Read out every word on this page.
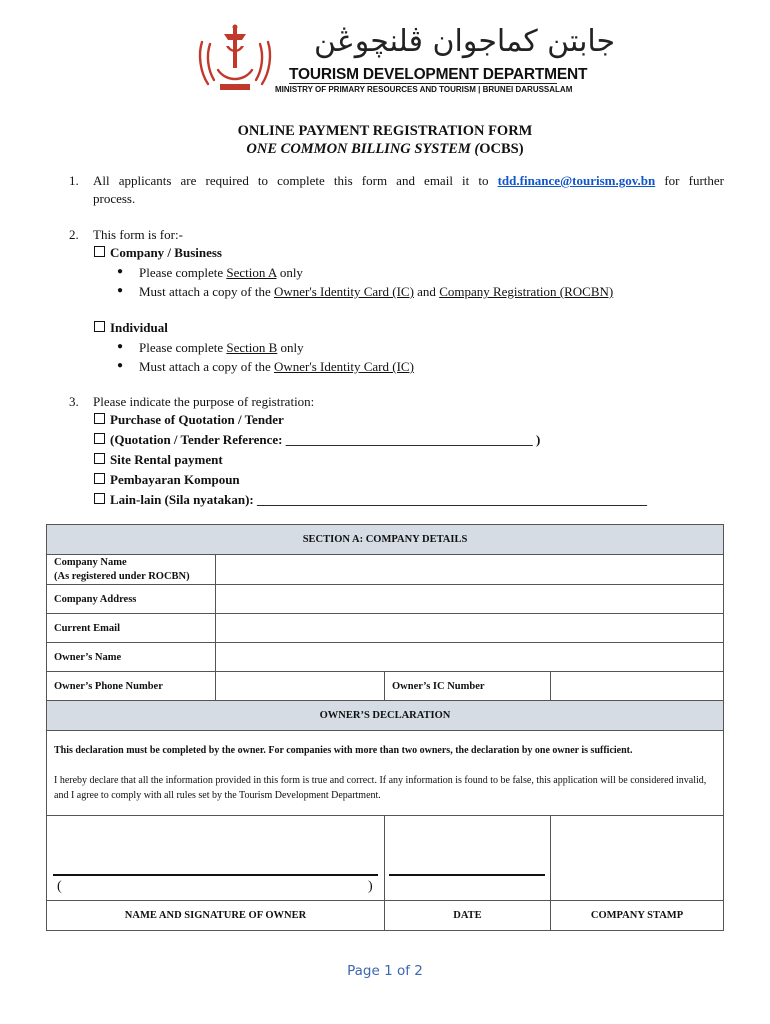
جابتن كماجوان ڤلنچوڠن
TOURISM DEVELOPMENT DEPARTMENT
MINISTRY OF PRIMARY RESOURCES AND TOURISM | BRUNEI DARUSSALAM
ONLINE PAYMENT REGISTRATION FORM
ONE COMMON BILLING SYSTEM (OCBS)
1. All applicants are required to complete this form and email it to tdd.finance@tourism.gov.bn for further
process.
2. This form is for:-
Company / Business
● Please complete Section A only
● Must attach a copy of the Owner's Identity Card (IC) and Company Registration (ROCBN)
Individual
● Please complete Section B only
● Must attach a copy of the Owner's Identity Card (IC)
3. Please indicate the purpose of registration:
Purchase of Quotation / Tender
(Quotation / Tender Reference: ______________________________________ )
Site Rental payment
Pembayaran Kompoun
Lain-lain (Sila nyatakan): ____________________________________________________________
SECTION A: COMPANY DETAILS			
Company Name
(As registered under ROCBN)			
Company Address			
Current Email			
Owner’s Name			
Owner’s Phone Number		Owner’s IC Number	
OWNER’S DECLARATION			

This declaration must be completed by the owner. For companies with more than two owners, the declaration by one owner is sufficient.
I hereby declare that all the information provided in this form is true and correct. If any information is found to be false, this application will be considered invalid, and I agree to comply with all rules set by the Tourism Development Department.			

( )			

NAME AND SIGNATURE OF OWNER		DATE	COMPANY STAMP
Page 1 of 2
